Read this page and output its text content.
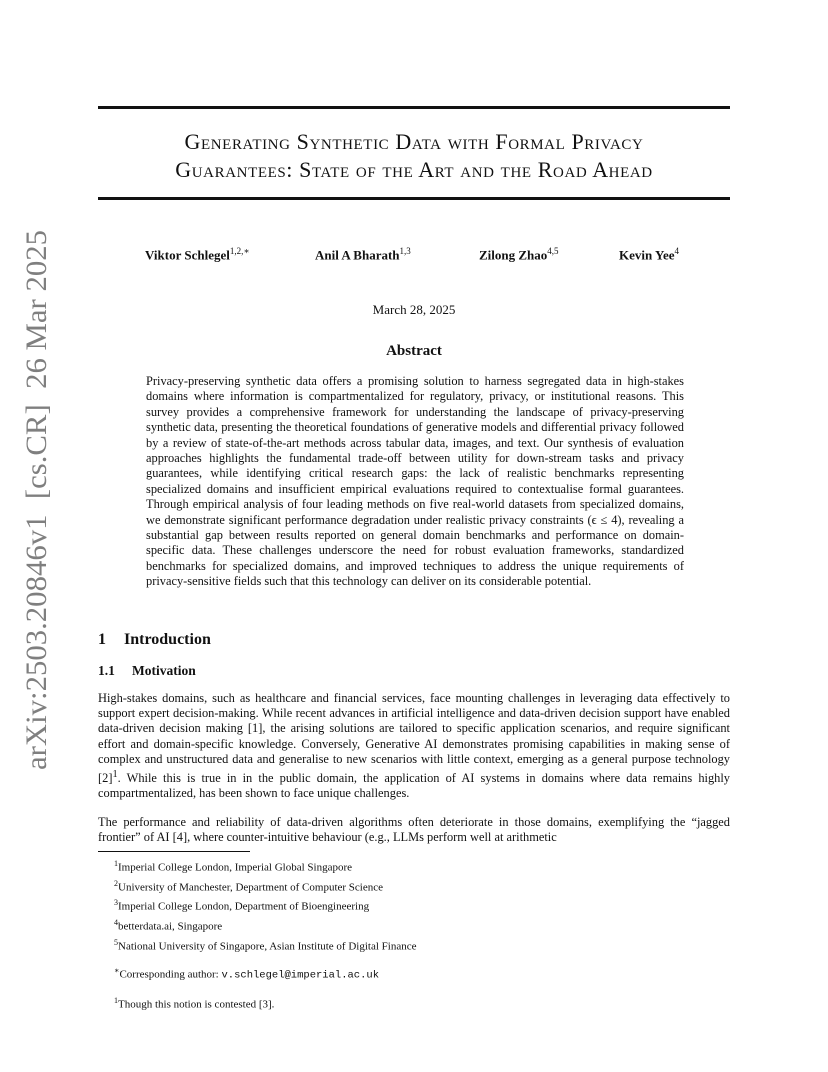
arXiv:2503.20846v1  [cs.CR]  26 Mar 2025
Generating Synthetic Data with Formal Privacy
Guarantees: State of the Art and the Road Ahead
Viktor Schlegel$^{1,2,∗}$	Anil A Bharath$^{1,3}$	Zilong Zhao$^{4,5}$	Kevin Yee$^4$
March 28, 2025
Abstract

Privacy-preserving synthetic data offers a promising solution to harness segregated data in high-stakes domains where information is compartmentalized for regulatory, privacy, or institutional reasons. This survey provides a comprehensive framework for understanding the landscape of privacy-preserving synthetic data, presenting the theoretical foundations of generative models and differential privacy followed by a review of state-of-the-art methods across tabular data, images, and text. Our synthesis of evaluation approaches highlights the fundamental trade-off between utility for down-stream tasks and privacy guarantees, while identifying critical research gaps: the lack of realistic benchmarks representing specialized domains and insufficient empirical evaluations required to contextualise formal guarantees. Through empirical analysis of four leading methods on five real-world datasets from specialized domains, we demonstrate significant performance degradation under realistic privacy constraints (ϵ ≤ 4), revealing a substantial gap between results reported on general domain benchmarks and performance on domain-specific data. These challenges underscore the need for robust evaluation frameworks, standardized benchmarks for specialized domains, and improved techniques to address the unique requirements of privacy-sensitive fields such that this technology can deliver on its considerable potential.

1 Introduction
1.1 Motivation

High-stakes domains, such as healthcare and financial services, face mounting challenges in leveraging data effectively to support expert decision-making. While recent advances in artificial intelligence and data-driven decision support have enabled data-driven decision making [1], the arising solutions are tailored to specific application scenarios, and require significant effort and domain-specific knowledge. Conversely, Generative AI demonstrates promising capabilities in making sense of complex and unstructured data and generalise to new scenarios with little context, emerging as a general purpose technology $[2]^1$. While this is true in in the public domain, the application of AI systems in domains where data remains highly compartmentalized, has been shown to face unique challenges.

The performance and reliability of data-driven algorithms often deteriorate in those domains, exemplifying the “jagged frontier” of AI [4], where counter-intuitive behaviour (e.g., LLMs perform well at arithmetic

$^1$Imperial College London, Imperial Global Singapore
$^2$University of Manchester, Department of Computer Science
$^3$Imperial College London, Department of Bioengineering
$^4$betterdata.ai, Singapore
$^5$National University of Singapore, Asian Institute of Digital Finance
∗Corresponding author: v.schlegel@imperial.ac.uk
$^1$Though this notion is contested [3].
